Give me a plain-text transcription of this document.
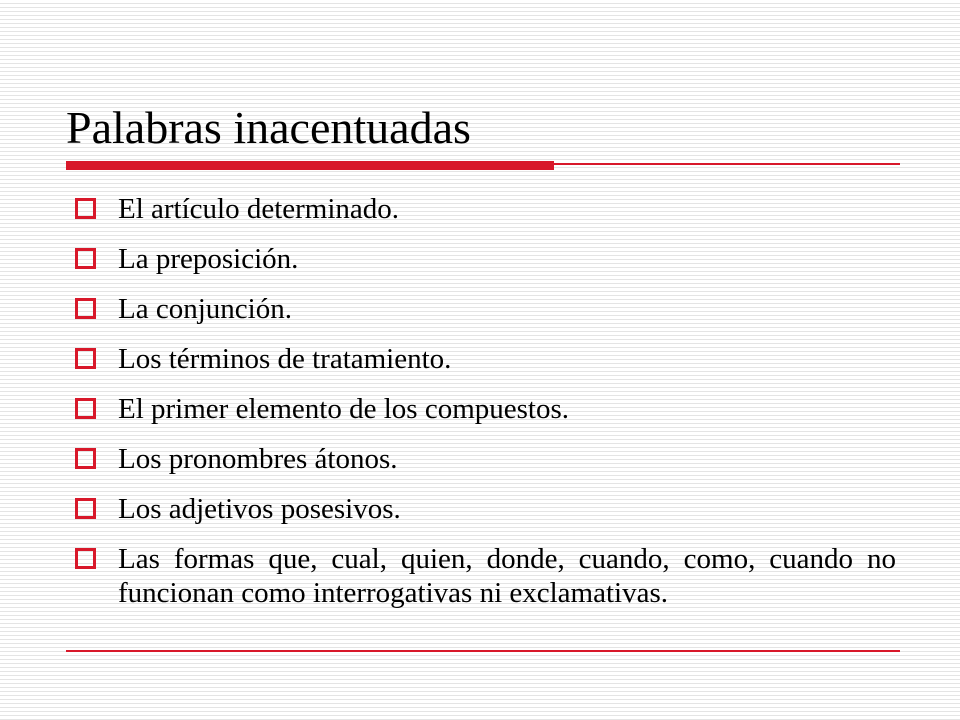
Palabras inacentuadas
El artículo determinado.
La preposición.
La conjunción.
Los términos de tratamiento.
El primer elemento de los compuestos.
Los pronombres átonos.
Los adjetivos posesivos.
Las formas que, cual, quien, donde, cuando, como, cuando no funcionan como interrogativas ni exclamativas.
